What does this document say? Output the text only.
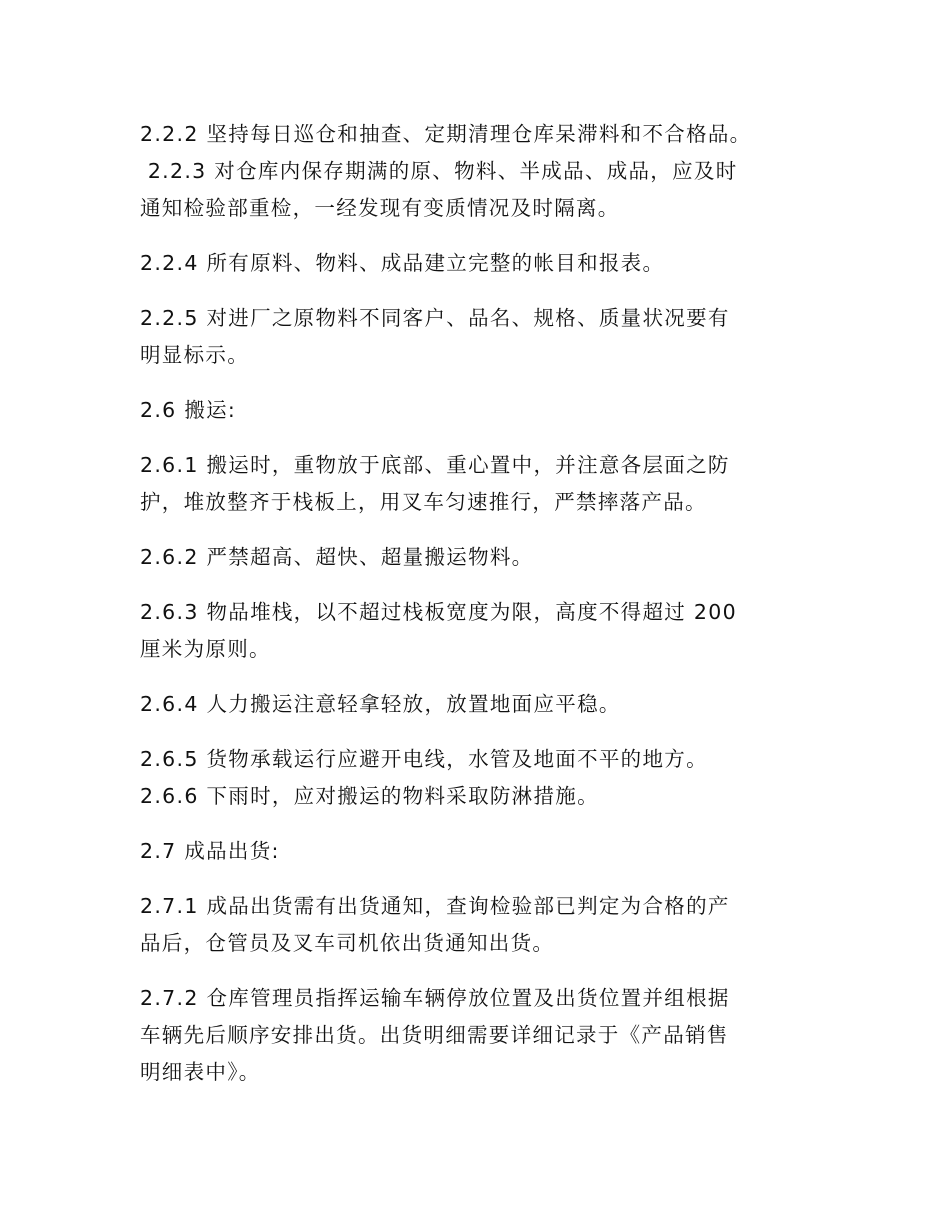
2.2.2 坚持每日巡仓和抽查、定期清理仓库呆滞料和不合格品。
2.2.3 对仓库内保存期满的原、物料、半成品、成品，应及时
通知检验部重检，一经发现有变质情况及时隔离。

2.2.4 所有原料、物料、成品建立完整的帐目和报表。

2.2.5 对进厂之原物料不同客户、品名、规格、质量状况要有
明显标示。

2.6 搬运:

2.6.1 搬运时，重物放于底部、重心置中，并注意各层面之防
护，堆放整齐于栈板上，用叉车匀速推行，严禁摔落产品。

2.6.2 严禁超高、超快、超量搬运物料。

2.6.3 物品堆栈，以不超过栈板宽度为限，高度不得超过 200
厘米为原则。

2.6.4 人力搬运注意轻拿轻放，放置地面应平稳。

2.6.5 货物承载运行应避开电线，水管及地面不平的地方。
2.6.6 下雨时，应对搬运的物料采取防淋措施。

2.7 成品出货:

2.7.1 成品出货需有出货通知，查询检验部已判定为合格的产
品后，仓管员及叉车司机依出货通知出货。

2.7.2 仓库管理员指挥运输车辆停放位置及出货位置并组根据
车辆先后顺序安排出货。出货明细需要详细记录于《产品销售
明细表中》。
